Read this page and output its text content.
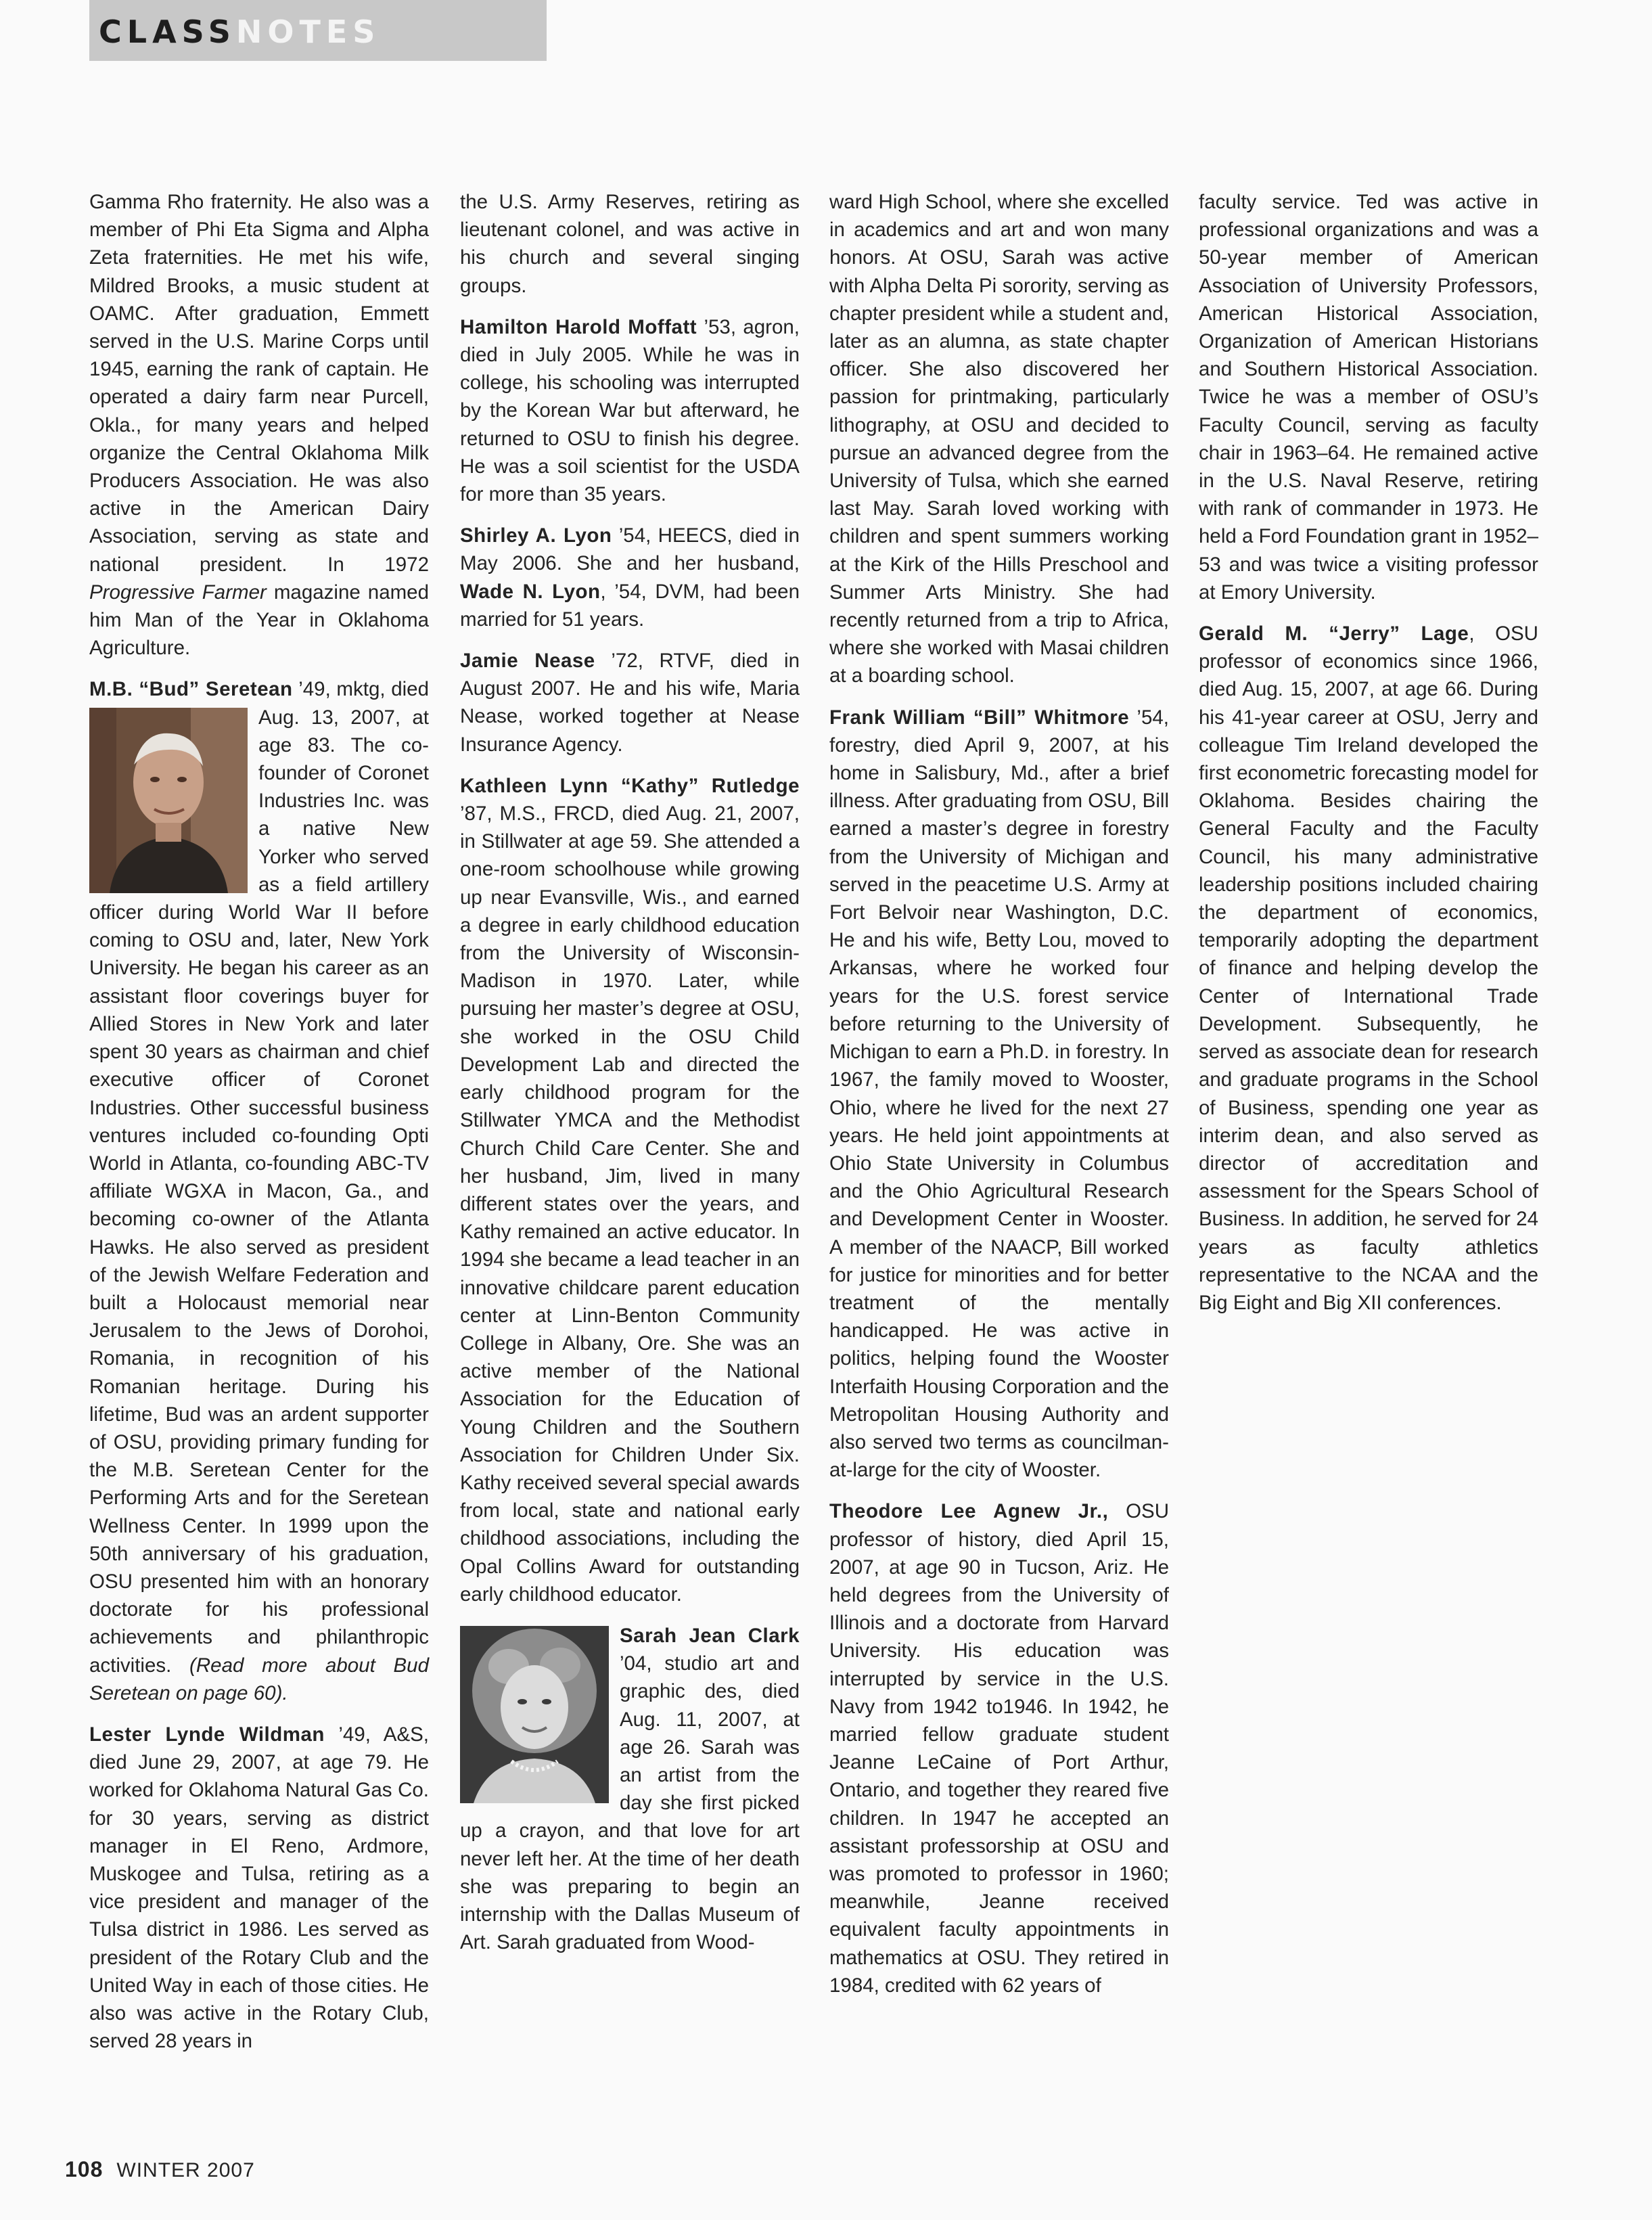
CLASSNOTES

Gamma Rho fraternity. He also was a member of Phi Eta Sigma and Alpha Zeta fraternities. He met his wife, Mildred Brooks, a music student at OAMC. After graduation, Emmett served in the U.S. Marine Corps until 1945, earning the rank of captain. He operated a dairy farm near Purcell, Okla., for many years and helped organize the Central Oklahoma Milk Producers Association. He was also active in the American Dairy Association, serving as state and national president. In 1972 Progressive Farmer magazine named him Man of the Year in Oklahoma Agriculture.

M.B. “Bud” Seretean
’49, mktg, died Aug. 13, 2007, at age 83. The co-founder of Coronet Industries Inc. was a native New Yorker who served as a field artillery officer during World War II before coming to OSU and, later, New York University. He began his career as an assistant floor coverings buyer for Allied Stores in New York and later spent 30 years as chairman and chief executive officer of Coronet Industries. Other successful business ventures included co-founding Opti World in Atlanta, co-founding ABC-TV affiliate WGXA in Macon, Ga., and becoming co-owner of the Atlanta Hawks. He also served as president of the Jewish Welfare Federation and built a Holocaust memorial near Jerusalem to the Jews of Dorohoi, Romania, in recognition of his Romanian heritage. During his lifetime, Bud was an ardent supporter of OSU, providing primary funding for the M.B. Seretean Center for the Performing Arts and for the Seretean Wellness Center. In 1999 upon the 50th anniversary of his graduation, OSU presented him with an honorary doctorate for his professional achievements and philanthropic activities. (Read more about Bud Seretean on page 60).

Lester Lynde Wildman ’49, A&S, died June 29, 2007, at age 79. He worked for Oklahoma Natural Gas Co. for 30 years, serving as district manager in El Reno, Ardmore, Muskogee and Tulsa, retiring as a vice president and manager of the Tulsa district in 1986. Les served as president of the Rotary Club and the United Way in each of those cities. He also was active in the Rotary Club, served 28 years in

the U.S. Army Reserves, retiring as lieutenant colonel, and was active in his church and several singing groups.

Hamilton Harold Moffatt ’53, agron, died in July 2005. While he was in college, his schooling was interrupted by the Korean War but afterward, he returned to OSU to finish his degree. He was a soil scientist for the USDA for more than 35 years.

Shirley A. Lyon ’54, HEECS, died in May 2006. She and her husband, Wade N. Lyon, ’54, DVM, had been married for 51 years.

Jamie Nease ’72, RTVF, died in August 2007. He and his wife, Maria Nease, worked together at Nease Insurance Agency.

Kathleen Lynn “Kathy” Rutledge ’87, M.S., FRCD, died Aug. 21, 2007, in Stillwater at age 59. She attended a one-room schoolhouse while growing up near Evansville, Wis., and earned a degree in early childhood education from the University of Wisconsin-Madison in 1970. Later, while pursuing her master’s degree at OSU, she worked in the OSU Child Development Lab and directed the early childhood program for the Stillwater YMCA and the Methodist Church Child Care Center. She and her husband, Jim, lived in many different states over the years, and Kathy remained an active educator. In 1994 she became a lead teacher in an innovative childcare parent education center at Linn-Benton Community College in Albany, Ore. She was an active member of the National Association for the Education of Young Children and the Southern Association for Children Under Six. Kathy received several special awards from local, state and national early childhood associations, including the Opal Collins Award for outstanding early childhood educator.

Sarah Jean Clark
’04, studio art and graphic des, died Aug. 11, 2007, at age 26. Sarah was an artist from the day she first picked up a crayon, and that love for art never left her. At the time of her death she was preparing to begin an internship with the Dallas Museum of Art. Sarah graduated from Wood-

ward High School, where she excelled in academics and art and won many honors. At OSU, Sarah was active with Alpha Delta Pi sorority, serving as chapter president while a student and, later as an alumna, as state chapter officer. She also discovered her passion for printmaking, particularly lithography, at OSU and decided to pursue an advanced degree from the University of Tulsa, which she earned last May. Sarah loved working with children and spent summers working at the Kirk of the Hills Preschool and Summer Arts Ministry. She had recently returned from a trip to Africa, where she worked with Masai children at a boarding school.

Frank William “Bill” Whitmore ’54, forestry, died April 9, 2007, at his home in Salisbury, Md., after a brief illness. After graduating from OSU, Bill earned a master’s degree in forestry from the University of Michigan and served in the peacetime U.S. Army at Fort Belvoir near Washington, D.C. He and his wife, Betty Lou, moved to Arkansas, where he worked four years for the U.S. forest service before returning to the University of Michigan to earn a Ph.D. in forestry. In 1967, the family moved to Wooster, Ohio, where he lived for the next 27 years. He held joint appointments at Ohio State University in Columbus and the Ohio Agricultural Research and Development Center in Wooster. A member of the NAACP, Bill worked for justice for minorities and for better treatment of the mentally handicapped. He was active in politics, helping found the Wooster Interfaith Housing Corporation and the Metropolitan Housing Authority and also served two terms as councilman-at-large for the city of Wooster.

Theodore Lee Agnew Jr., OSU professor of history, died April 15, 2007, at age 90 in Tucson, Ariz. He held degrees from the University of Illinois and a doctorate from Harvard University. His education was interrupted by service in the U.S. Navy from 1942 to1946. In 1942, he married fellow graduate student Jeanne LeCaine of Port Arthur, Ontario, and together they reared five children. In 1947 he accepted an assistant professorship at OSU and was promoted to professor in 1960; meanwhile, Jeanne received equivalent faculty appointments in mathematics at OSU. They retired in 1984, credited with 62 years of

faculty service. Ted was active in professional organizations and was a 50-year member of American Association of University Professors, American Historical Association, Organization of American Historians and Southern Historical Association. Twice he was a member of OSU’s Faculty Council, serving as faculty chair in 1963–64. He remained active in the U.S. Naval Reserve, retiring with rank of commander in 1973. He held a Ford Foundation grant in 1952–53 and was twice a visiting professor at Emory University.

Gerald M. “Jerry” Lage, OSU professor of economics since 1966, died Aug. 15, 2007, at age 66. During his 41-year career at OSU, Jerry and colleague Tim Ireland developed the first econometric forecasting model for Oklahoma. Besides chairing the General Faculty and the Faculty Council, his many administrative leadership positions included chairing the department of economics, temporarily adopting the department of finance and helping develop the Center of International Trade Development. Subsequently, he served as associate dean for research and graduate programs in the School of Business, spending one year as interim dean, and also served as director of accreditation and assessment for the Spears School of Business. In addition, he served for 24 years as faculty athletics representative to the NCAA and the Big Eight and Big XII conferences.

108 WINTER 2007
